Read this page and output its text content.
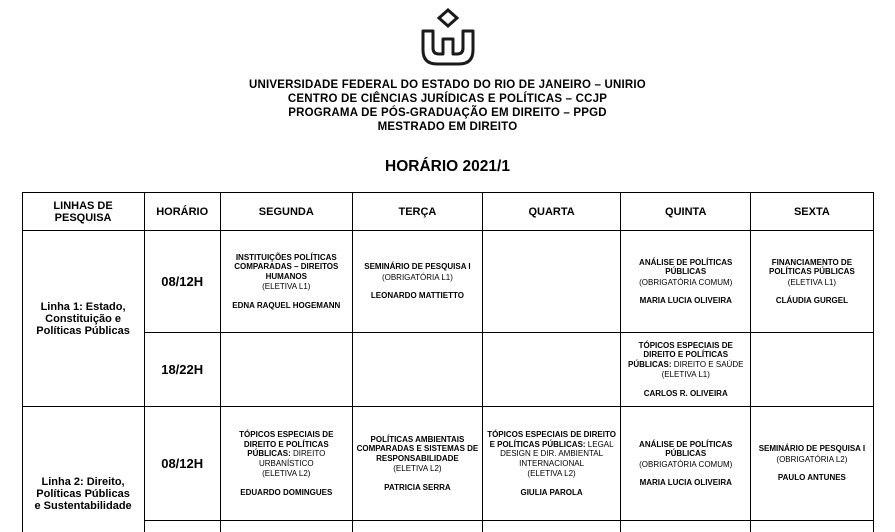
UNIVERSIDADE FEDERAL DO ESTADO DO RIO DE JANEIRO – UNIRIO
CENTRO DE CIÊNCIAS JURÍDICAS E POLÍTICAS – CCJP
PROGRAMA DE PÓS-GRADUAÇÃO EM DIREITO – PPGD
MESTRADO EM DIREITO
HORÁRIO 2021/1
LINHAS DE PESQUISA	HORÁRIO	SEGUNDA	TERÇA	QUARTA	QUINTA	SEXTA
Linha 1: Estado, Constituição e Políticas Públicas	08/12H	
INSTITUIÇÕES POLÍTICAS COMPARADAS – DIREITOS HUMANOS
(ELETIVA L1)
EDNA RAQUEL HOGEMANN

SEMINÁRIO DE PESQUISA I
(OBRIGATÓRIA L1)
LEONARDO MATTIETTO

ANÁLISE DE POLÍTICAS PÚBLICAS
(OBRIGATÓRIA COMUM)
MARIA LUCIA OLIVEIRA

FINANCIAMENTO DE POLÍTICAS PÚBLICAS
(ELETIVA L1)
CLÁUDIA GURGEL

	18/22H				TÓPICOS ESPECIAIS DE DIREITO E POLÍTICAS PÚBLICAS: DIREITO E SAÚDE
(ELETIVA L1)
CARLOS R. OLIVEIRA	

Linha 2: Direito, Políticas Públicas e Sustentabilidade	08/12H	
TÓPICOS ESPECIAIS DE DIREITO E POLÍTICAS PÚBLICAS: DIREITO URBANÍSTICO
(ELETIVA L2)
EDUARDO DOMINGUES

POLÍTICAS AMBIENTAIS COMPARADAS E SISTEMAS DE RESPONSABILIDADE
(ELETIVA L2)
PATRICIA SERRA

TÓPICOS ESPECIAIS DE DIREITO E POLÍTICAS PÚBLICAS: LEGAL DESIGN E DIR. AMBIENTAL INTERNACIONAL
(ELETIVA L2)
GIULIA PAROLA

ANÁLISE DE POLÍTICAS PÚBLICAS
(OBRIGATÓRIA COMUM)
MARIA LUCIA OLIVEIRA

SEMINÁRIO DE PESQUISA I
(OBRIGATÓRIA L2)
PAULO ANTUNES
